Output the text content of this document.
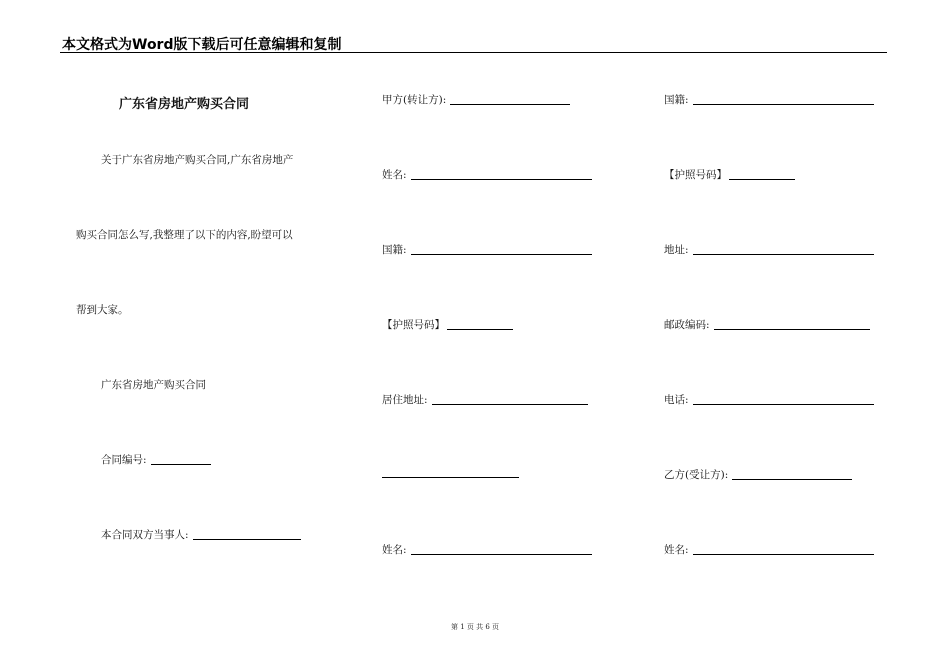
本文格式为Word版下载后可任意编辑和复制
广东省房地产购买合同
关于广东省房地产购买合同,广东省房地产
购买合同怎么写,我整理了以下的内容,盼望可以
帮到大家。
广东省房地产购买合同
合同编号:
本合同双方当事人:
甲方(转让方):
姓名:
国籍:
【护照号码】
居住地址:
姓名:
国籍:
【护照号码】
地址:
邮政编码:
电话:
乙方(受让方):
姓名:
第 1 页 共 6 页
